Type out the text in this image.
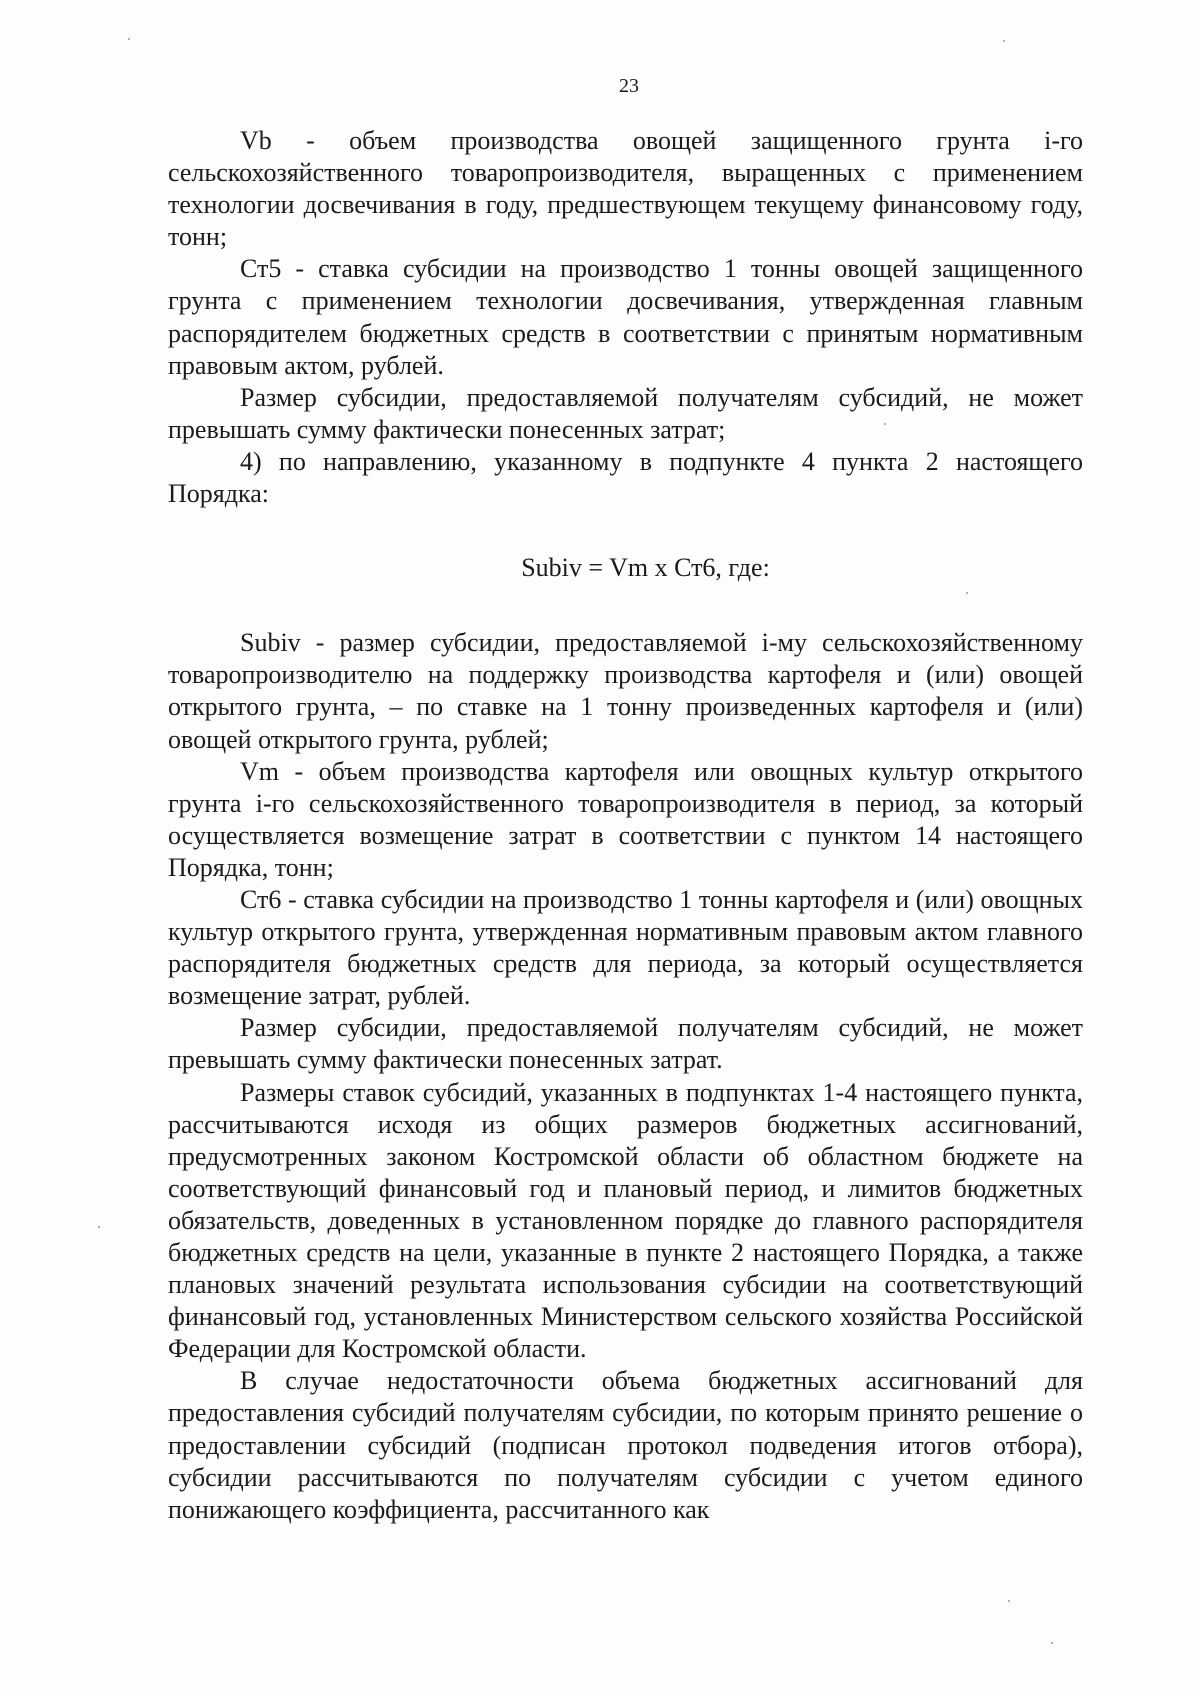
23

Vb - объем производства овощей защищенного грунта i-го сельскохозяйственного товаропроизводителя, выращенных с применением технологии досвечивания в году, предшествующем текущему финансовому году, тонн;

Ст5 - ставка субсидии на производство 1 тонны овощей защищенного грунта с применением технологии досвечивания, утвержденная главным распорядителем бюджетных средств в соответствии с принятым нормативным правовым актом, рублей.

Размер субсидии, предоставляемой получателям субсидий, не может превышать сумму фактически понесенных затрат;

4) по направлению, указанному в подпункте 4 пункта 2 настоящего Порядка:

Subiv = Vm x Ст6, где:

Subiv - размер субсидии, предоставляемой i-му сельскохозяйственному товаропроизводителю на поддержку производства картофеля и (или) овощей открытого грунта, – по ставке на 1 тонну произведенных картофеля и (или) овощей открытого грунта, рублей;

Vm - объем производства картофеля или овощных культур открытого грунта i-го сельскохозяйственного товаропроизводителя в период, за который осуществляется возмещение затрат в соответствии с пунктом 14 настоящего Порядка, тонн;

Ст6 - ставка субсидии на производство 1 тонны картофеля и (или) овощных культур открытого грунта, утвержденная нормативным правовым актом главного распорядителя бюджетных средств для периода, за который осуществляется возмещение затрат, рублей.

Размер субсидии, предоставляемой получателям субсидий, не может превышать сумму фактически понесенных затрат.

Размеры ставок субсидий, указанных в подпунктах 1-4 настоящего пункта, рассчитываются исходя из общих размеров бюджетных ассигнований, предусмотренных законом Костромской области об областном бюджете на соответствующий финансовый год и плановый период, и лимитов бюджетных обязательств, доведенных в установленном порядке до главного распорядителя бюджетных средств на цели, указанные в пункте 2 настоящего Порядка, а также плановых значений результата использования субсидии на соответствующий финансовый год, установленных Министерством сельского хозяйства Российской Федерации для Костромской области.

В случае недостаточности объема бюджетных ассигнований для предоставления субсидий получателям субсидии, по которым принято решение о предоставлении субсидий (подписан протокол подведения итогов отбора), субсидии рассчитываются по получателям субсидии с учетом единого понижающего коэффициента, рассчитанного как
